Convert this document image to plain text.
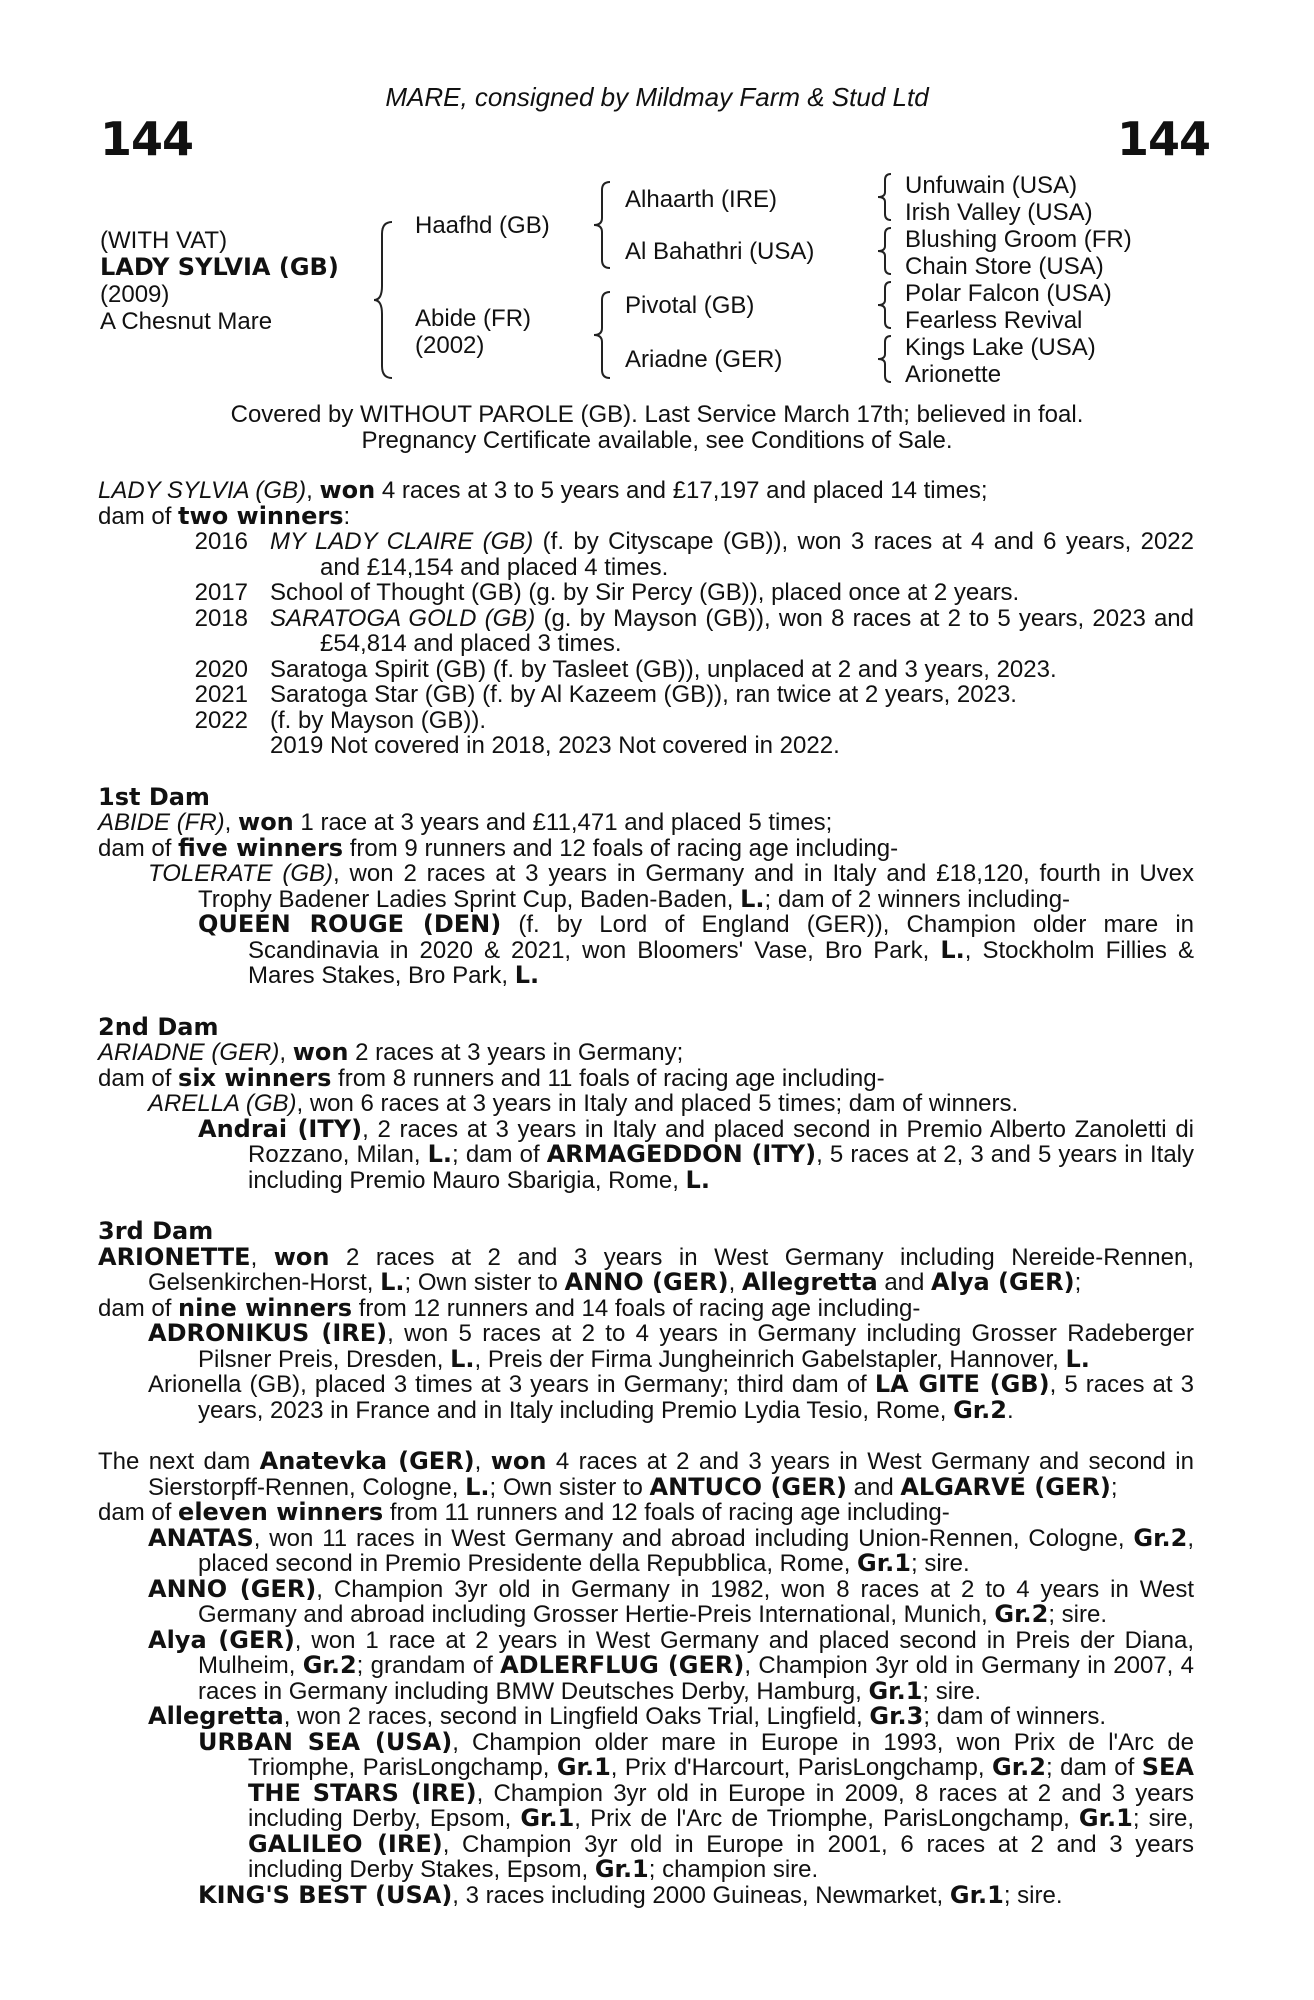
144	144
MARE, consigned by Mildmay Farm & Stud Ltd
(WITH VAT)
LADY SYLVIA (GB)
(2009)
A Chesnut Mare
Haafhd (GB)
Abide (FR)
(2002)
Alhaarth (IRE)
Al Bahathri (USA)
Pivotal (GB)
Ariadne (GER)
Unfuwain (USA)
Irish Valley (USA)
Blushing Groom (FR)
Chain Store (USA)
Polar Falcon (USA)
Fearless Revival
Kings Lake (USA)
Arionette
Covered by WITHOUT PAROLE (GB). Last Service March 17th; believed in foal.
Pregnancy Certificate available, see Conditions of Sale.

LADY SYLVIA (GB), won 4 races at 3 to 5 years and £17,197 and placed 14 times;

dam of two winners:

2016 MY LADY CLAIRE (GB) (f. by Cityscape (GB)), won 3 races at 4 and 6 years, 2022 and £14,154 and placed 4 times.

2017 School of Thought (GB) (g. by Sir Percy (GB)), placed once at 2 years.

2018 SARATOGA GOLD (GB) (g. by Mayson (GB)), won 8 races at 2 to 5 years, 2023 and £54,814 and placed 3 times.

2020 Saratoga Spirit (GB) (f. by Tasleet (GB)), unplaced at 2 and 3 years, 2023.

2021 Saratoga Star (GB) (f. by Al Kazeem (GB)), ran twice at 2 years, 2023.

2022 (f. by Mayson (GB)).

2019 Not covered in 2018, 2023 Not covered in 2022.
1st Dam

ABIDE (FR), won 1 race at 3 years and £11,471 and placed 5 times;

dam of five winners from 9 runners and 12 foals of racing age including-

TOLERATE (GB), won 2 races at 3 years in Germany and in Italy and £18,120, fourth in Uvex Trophy Badener Ladies Sprint Cup, Baden-Baden, L.; dam of 2 winners including-

QUEEN ROUGE (DEN) (f. by Lord of England (GER)), Champion older mare in Scandinavia in 2020 & 2021, won Bloomers' Vase, Bro Park, L., Stockholm Fillies & Mares Stakes, Bro Park, L.

2nd Dam

ARIADNE (GER), won 2 races at 3 years in Germany;

dam of six winners from 8 runners and 11 foals of racing age including-

ARELLA (GB), won 6 races at 3 years in Italy and placed 5 times; dam of winners.

Andrai (ITY), 2 races at 3 years in Italy and placed second in Premio Alberto Zanoletti di Rozzano, Milan, L.; dam of ARMAGEDDON (ITY), 5 races at 2, 3 and 5 years in Italy including Premio Mauro Sbarigia, Rome, L.

3rd Dam

ARIONETTE, won 2 races at 2 and 3 years in West Germany including Nereide-Rennen, Gelsenkirchen-Horst, L.; Own sister to ANNO (GER), Allegretta and Alya (GER);

dam of nine winners from 12 runners and 14 foals of racing age including-

ADRONIKUS (IRE), won 5 races at 2 to 4 years in Germany including Grosser Radeberger Pilsner Preis, Dresden, L., Preis der Firma Jungheinrich Gabelstapler, Hannover, L.

Arionella (GB), placed 3 times at 3 years in Germany; third dam of LA GITE (GB), 5 races at 3 years, 2023 in France and in Italy including Premio Lydia Tesio, Rome, Gr.2.

The next dam Anatevka (GER), won 4 races at 2 and 3 years in West Germany and second in Sierstorpff-Rennen, Cologne, L.; Own sister to ANTUCO (GER) and ALGARVE (GER);

dam of eleven winners from 11 runners and 12 foals of racing age including-

ANATAS, won 11 races in West Germany and abroad including Union-Rennen, Cologne, Gr.2, placed second in Premio Presidente della Repubblica, Rome, Gr.1; sire.

ANNO (GER), Champion 3yr old in Germany in 1982, won 8 races at 2 to 4 years in West Germany and abroad including Grosser Hertie-Preis International, Munich, Gr.2; sire.

Alya (GER), won 1 race at 2 years in West Germany and placed second in Preis der Diana, Mulheim, Gr.2; grandam of ADLERFLUG (GER), Champion 3yr old in Germany in 2007, 4 races in Germany including BMW Deutsches Derby, Hamburg, Gr.1; sire.

Allegretta, won 2 races, second in Lingfield Oaks Trial, Lingfield, Gr.3; dam of winners.

URBAN SEA (USA), Champion older mare in Europe in 1993, won Prix de l'Arc de Triomphe, ParisLongchamp, Gr.1, Prix d'Harcourt, ParisLongchamp, Gr.2; dam of SEA THE STARS (IRE), Champion 3yr old in Europe in 2009, 8 races at 2 and 3 years including Derby, Epsom, Gr.1, Prix de l'Arc de Triomphe, ParisLongchamp, Gr.1; sire, GALILEO (IRE), Champion 3yr old in Europe in 2001, 6 races at 2 and 3 years including Derby Stakes, Epsom, Gr.1; champion sire.

KING'S BEST (USA), 3 races including 2000 Guineas, Newmarket, Gr.1; sire.
